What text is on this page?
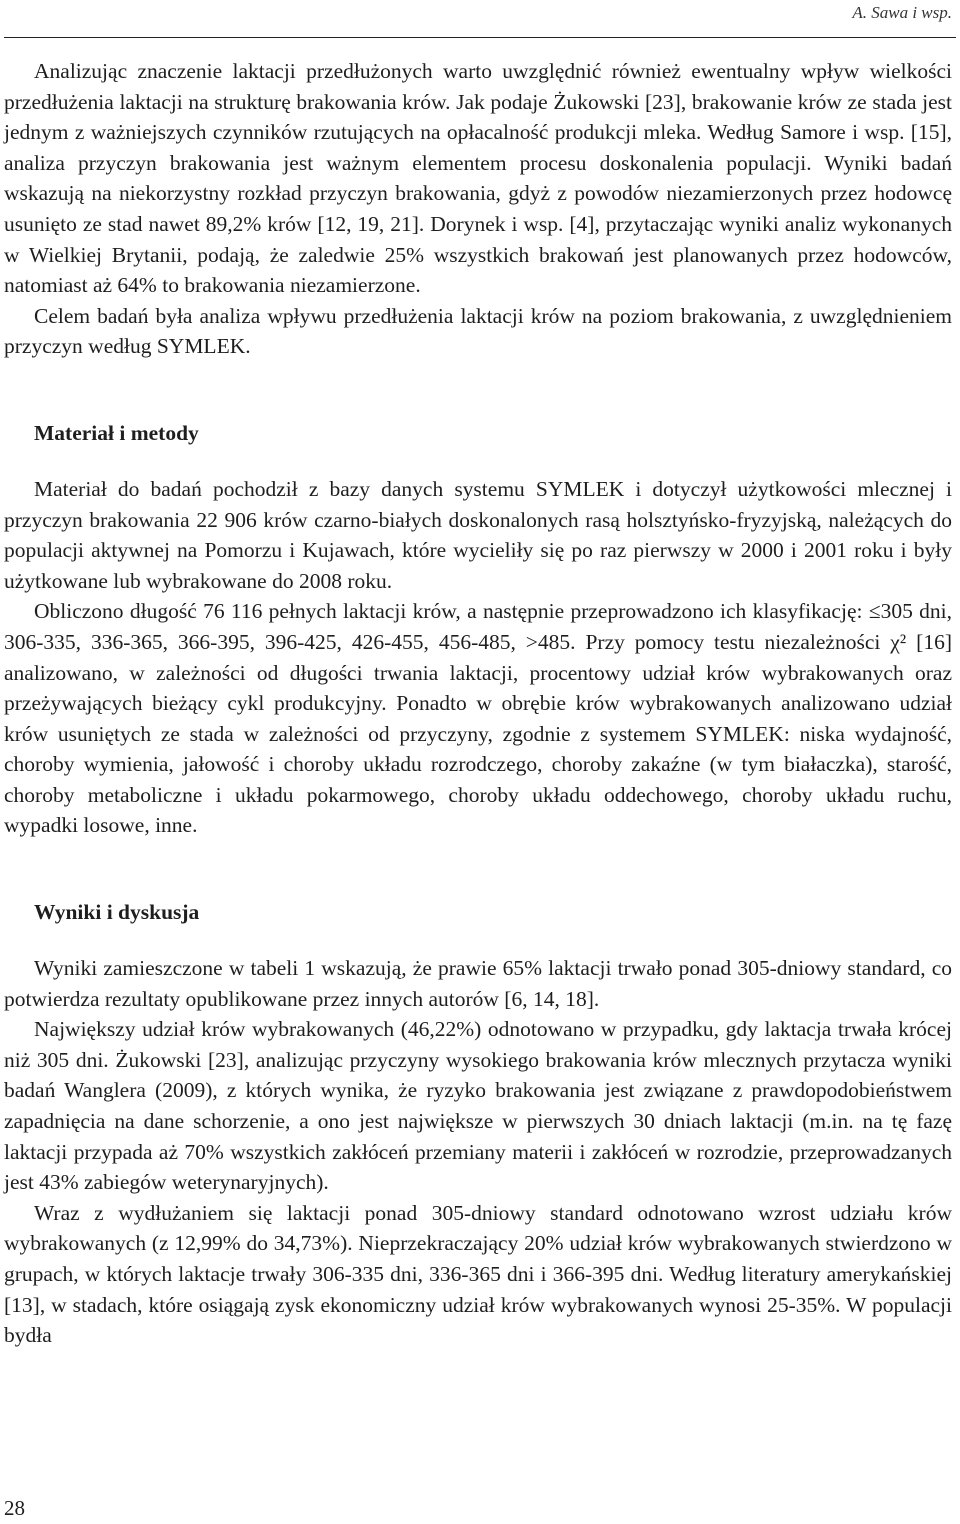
A. Sawa i wsp.

Analizując znaczenie laktacji przedłużonych warto uwzględnić również ewentualny wpływ wielkości przedłużenia laktacji na strukturę brakowania krów. Jak podaje Żukowski [23], brakowanie krów ze stada jest jednym z ważniejszych czynników rzutujących na opłacalność produkcji mleka. Według Samore i wsp. [15], analiza przyczyn brakowania jest ważnym elementem procesu doskonalenia populacji. Wyniki badań wskazują na niekorzystny rozkład przyczyn brakowania, gdyż z powodów niezamierzonych przez hodowcę usunięto ze stad nawet 89,2% krów [12, 19, 21]. Dorynek i wsp. [4], przytaczając wyniki analiz wykonanych w Wielkiej Brytanii, podają, że zaledwie 25% wszystkich brakowań jest planowanych przez hodowców, natomiast aż 64% to brakowania niezamierzone.

Celem badań była analiza wpływu przedłużenia laktacji krów na poziom brakowania, z uwzględnieniem przyczyn według SYMLEK.

Materiał i metody

Materiał do badań pochodził z bazy danych systemu SYMLEK i dotyczył użytkowości mlecznej i przyczyn brakowania 22 906 krów czarno-białych doskonalonych rasą holsztyńsko-fryzyjską, należących do populacji aktywnej na Pomorzu i Kujawach, które wycieliły się po raz pierwszy w 2000 i 2001 roku i były użytkowane lub wybrakowane do 2008 roku.

Obliczono długość 76 116 pełnych laktacji krów, a następnie przeprowadzono ich klasyfikację: ≤305 dni, 306-335, 336-365, 366-395, 396-425, 426-455, 456-485, >485. Przy pomocy testu niezależności χ² [16] analizowano, w zależności od długości trwania laktacji, procentowy udział krów wybrakowanych oraz przeżywających bieżący cykl produkcyjny. Ponadto w obrębie krów wybrakowanych analizowano udział krów usuniętych ze stada w zależności od przyczyny, zgodnie z systemem SYMLEK: niska wydajność, choroby wymienia, jałowość i choroby układu rozrodczego, choroby zakaźne (w tym białaczka), starość, choroby metaboliczne i układu pokarmowego, choroby układu oddechowego, choroby układu ruchu, wypadki losowe, inne.

Wyniki i dyskusja

Wyniki zamieszczone w tabeli 1 wskazują, że prawie 65% laktacji trwało ponad 305-dniowy standard, co potwierdza rezultaty opublikowane przez innych autorów [6, 14, 18].

Największy udział krów wybrakowanych (46,22%) odnotowano w przypadku, gdy laktacja trwała krócej niż 305 dni. Żukowski [23], analizując przyczyny wysokiego brakowania krów mlecznych przytacza wyniki badań Wanglera (2009), z których wynika, że ryzyko brakowania jest związane z prawdopodobieństwem zapadnięcia na dane schorzenie, a ono jest największe w pierwszych 30 dniach laktacji (m.in. na tę fazę laktacji przypada aż 70% wszystkich zakłóceń przemiany materii i zakłóceń w rozrodzie, przeprowadzanych jest 43% zabiegów weterynaryjnych).

Wraz z wydłużaniem się laktacji ponad 305-dniowy standard odnotowano wzrost udziału krów wybrakowanych (z 12,99% do 34,73%). Nieprzekraczający 20% udział krów wybrakowanych stwierdzono w grupach, w których laktacje trwały 306-335 dni, 336-365 dni i 366-395 dni. Według literatury amerykańskiej [13], w stadach, które osiągają zysk ekonomiczny udział krów wybrakowanych wynosi 25-35%. W populacji bydła

28
